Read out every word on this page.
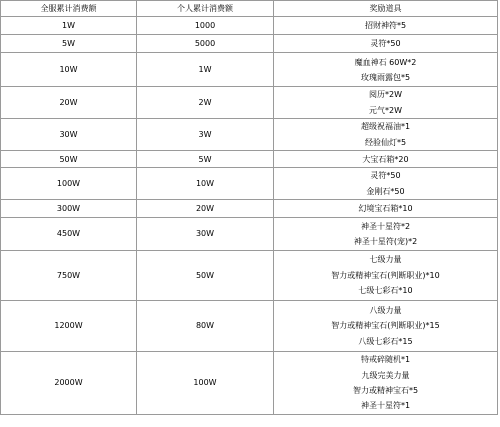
全服累计消费额	个人累计消费额	奖励道具
1W	1000	招财神符*5

5W	5000	灵符*50

10W	1W	魔血神石 60W*2
玫瑰雨露包*5

20W	2W	阅历*2W
元气*2W

30W	3W	超级祝福油*1
经验仙灯*5

50W	5W	大宝石箱*20

100W	10W	灵符*50
金刚石*50

300W	20W	幻境宝石箱*10

450W	30W	神圣十星符*2
神圣十星符(宠)*2

750W	50W	七级力量
智力或精神宝石(判断职业)*10
七级七彩石*10

1200W	80W	八级力量
智力或精神宝石(判断职业)*15
八级七彩石*15

2000W	100W	特戒碎随机*1
九级完美力量
智力或精神宝石*5
神圣十星符*1
